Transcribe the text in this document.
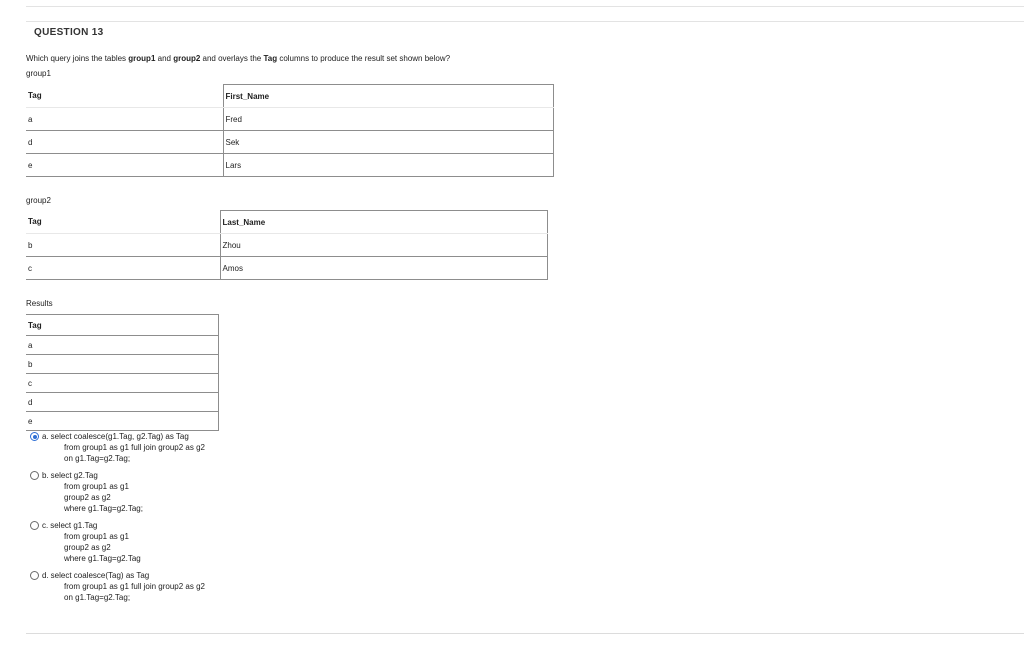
QUESTION 13
Which query joins the tables group1 and group2 and overlays the Tag columns to produce the result set shown below?
group1
Tag	First_Name
a	Fred
d	Sek
e	Lars
group2
Tag	Last_Name
b	Zhou
c	Amos
Results
Tag
a
b
c
d
e
a. select coalesce(g1.Tag, g2.Tag) as Tag
from group1 as g1 full join group2 as g2
on g1.Tag=g2.Tag;
b. select g2.Tag
from group1 as g1
group2 as g2
where g1.Tag=g2.Tag;
c. select g1.Tag
from group1 as g1
group2 as g2
where g1.Tag=g2.Tag
d. select coalesce(Tag) as Tag
from group1 as g1 full join group2 as g2
on g1.Tag=g2.Tag;
